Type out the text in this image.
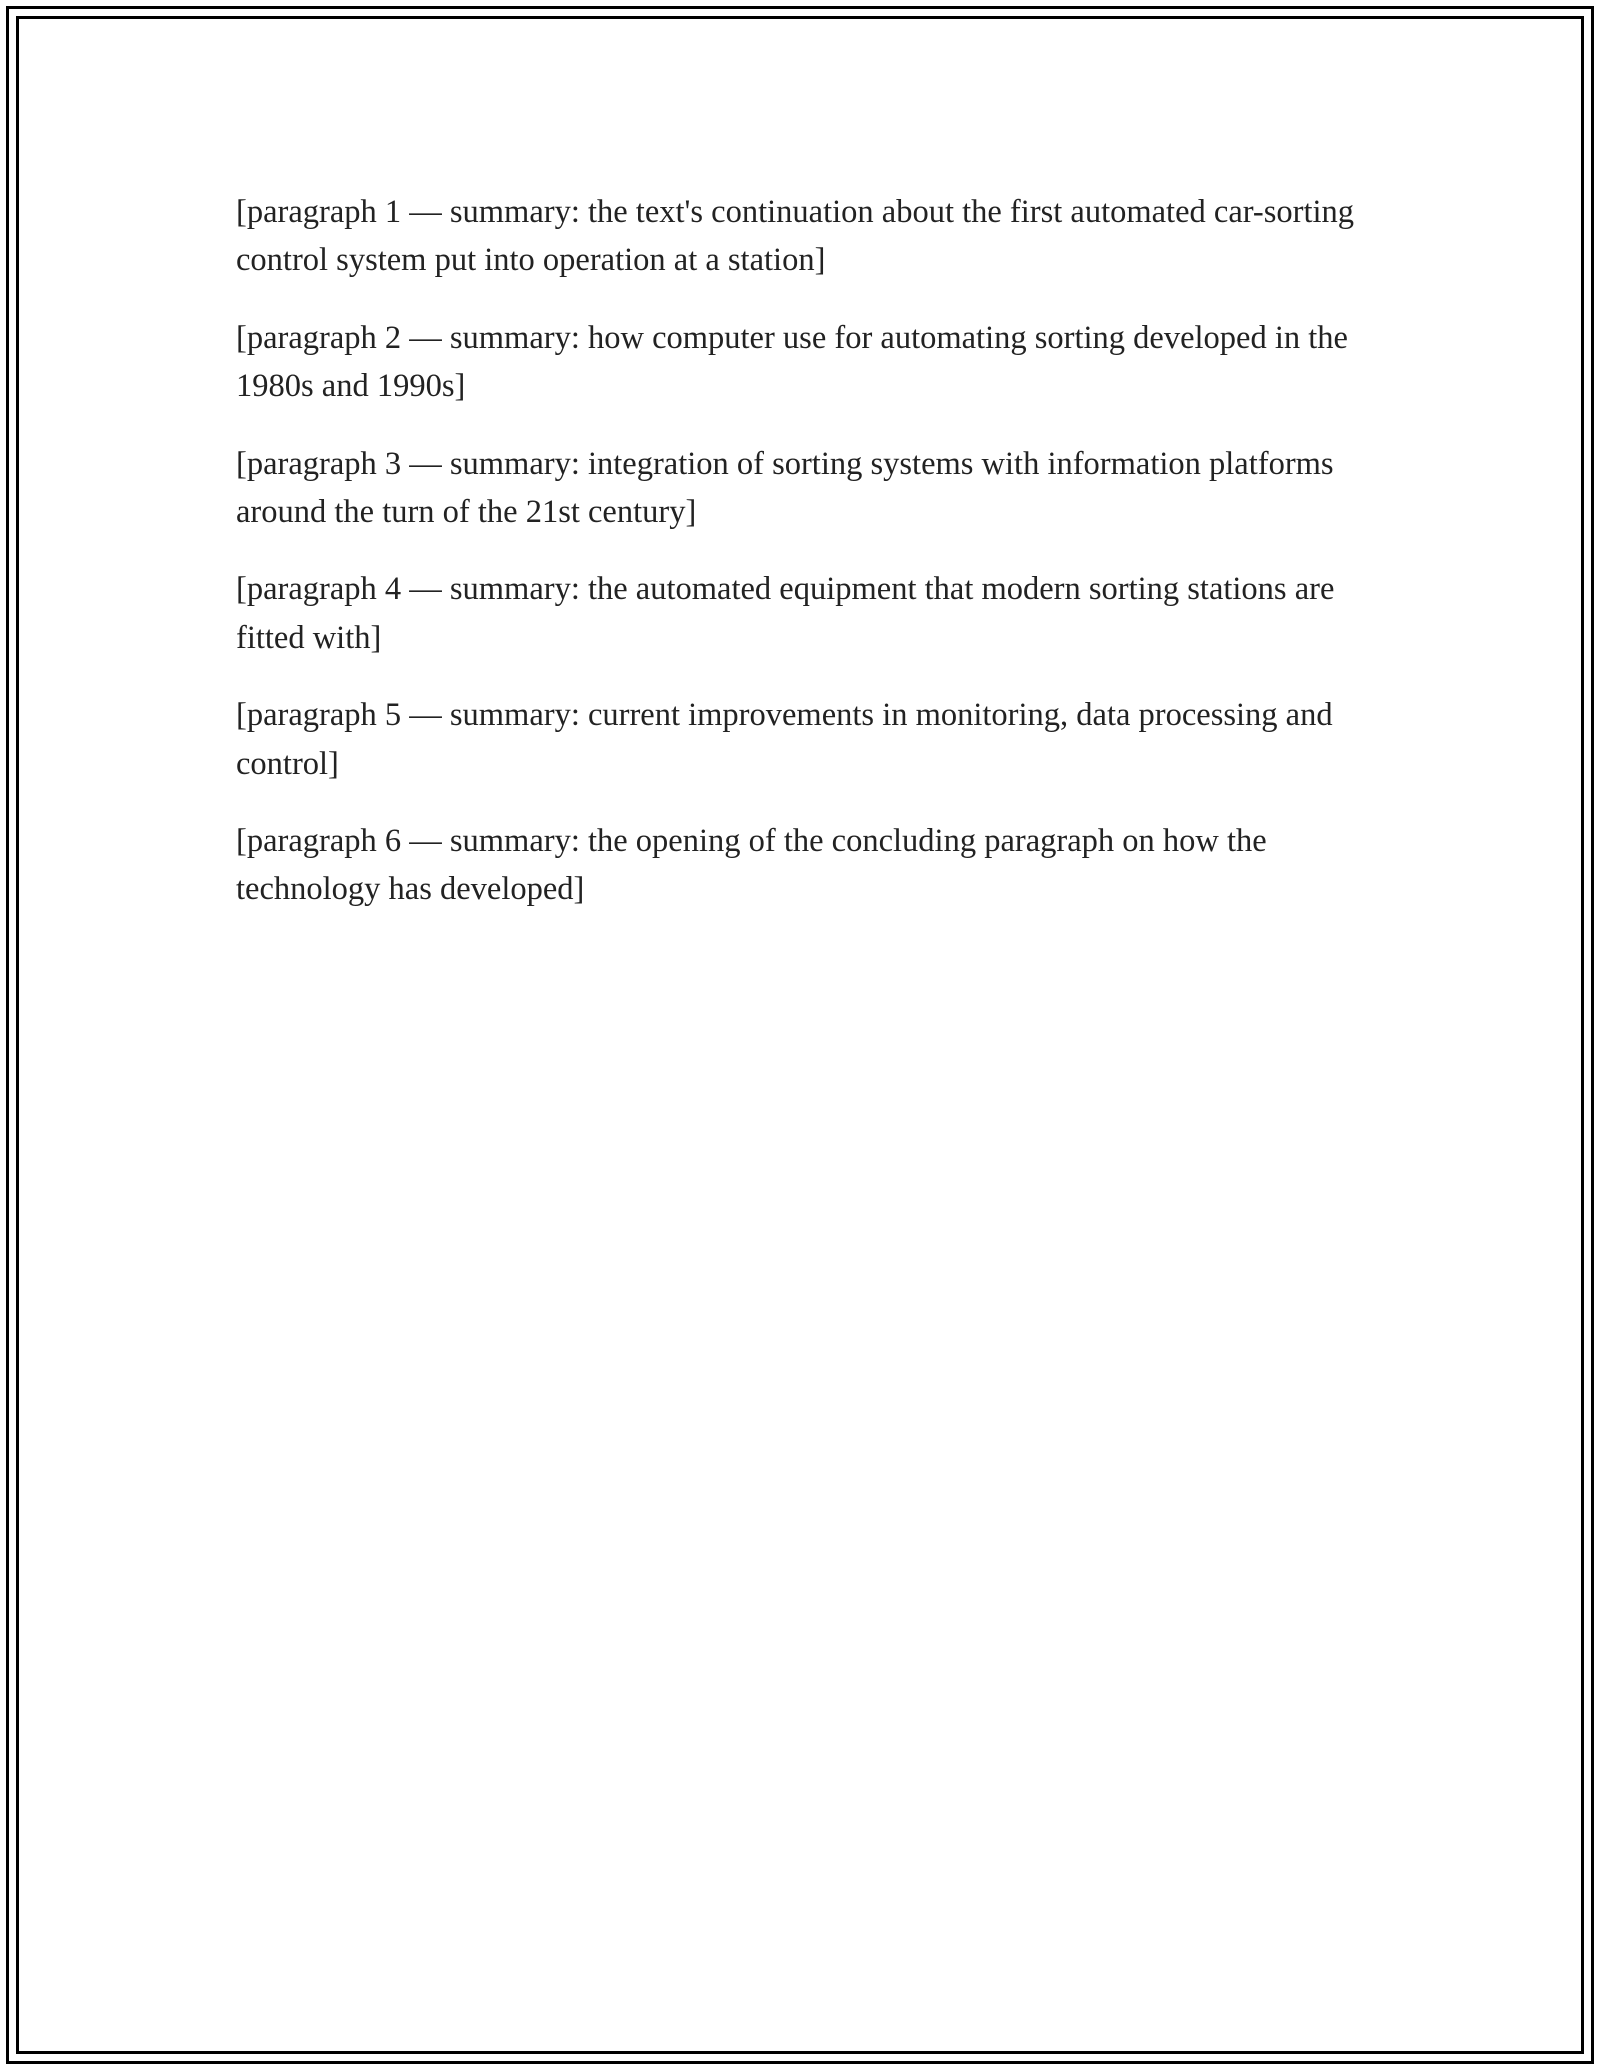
[paragraph 1 — summary: the text's continuation about the first automated car-sorting control system put into operation at a station]

[paragraph 2 — summary: how computer use for automating sorting developed in the 1980s and 1990s]

[paragraph 3 — summary: integration of sorting systems with information platforms around the turn of the 21st century]

[paragraph 4 — summary: the automated equipment that modern sorting stations are fitted with]

[paragraph 5 — summary: current improvements in monitoring, data processing and control]

[paragraph 6 — summary: the opening of the concluding paragraph on how the technology has developed]
